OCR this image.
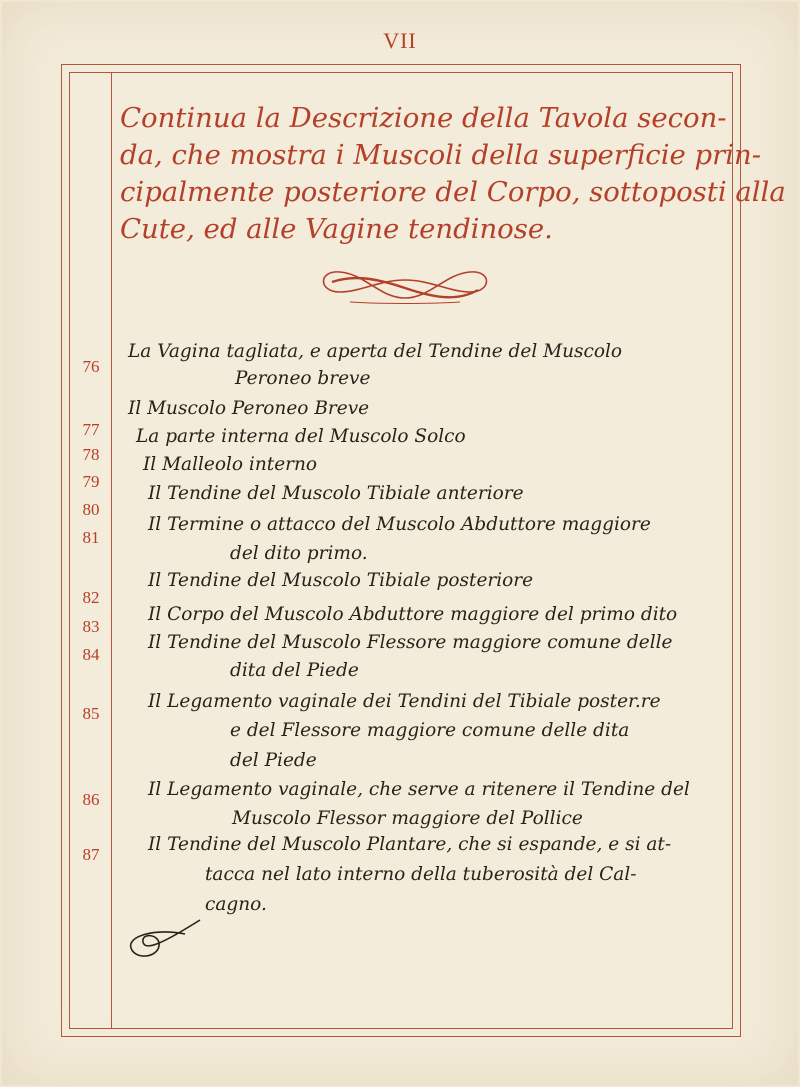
VII
Continua la Descrizione della Tavola secon-
da, che mostra i Muscoli della superficie prin-
cipalmente posteriore del Corpo, sottoposti alla
Cute, ed alle Vagine tendinose.
76
La Vagina tagliata, e aperta del Tendine del Muscolo
Peroneo breve
77
Il Muscolo Peroneo Breve
78
La parte interna del Muscolo Solco
79
Il Malleolo interno
80
Il Tendine del Muscolo Tibiale anteriore
81
Il Termine o attacco del Muscolo Abduttore maggiore
del dito primo.
82
Il Tendine del Muscolo Tibiale posteriore
83
Il Corpo del Muscolo Abduttore maggiore del primo dito
84
Il Tendine del Muscolo Flessore maggiore comune delle
dita del Piede
85
Il Legamento vaginale dei Tendini del Tibiale poster.re
e del Flessore maggiore comune delle dita
del Piede
86	Il Legamento vaginale, che serve a ritenere il Tendine del
Muscolo Flessor maggiore del Pollice
87	Il Tendine del Muscolo Plantare, che si espande, e si at-
tacca nel lato interno della tuberosità del Cal-
cagno.
